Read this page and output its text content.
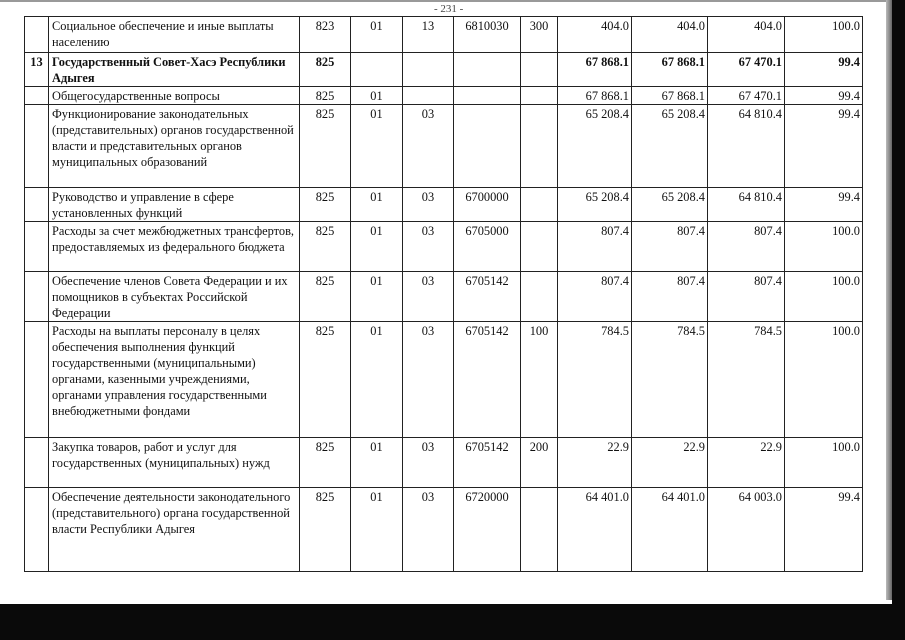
- 231 -
	Социальное обеспечение и иные выплаты населению	823	01	13	6810030	300	404.0	404.0	404.0	100.0
13	Государственный Совет-Хасэ Республики Адыгея	825					67 868.1	67 868.1	67 470.1	99.4
	Общегосударственные вопросы	825	01				67 868.1	67 868.1	67 470.1	99.4
	Функционирование законодательных (представительных) органов государственной власти и представительных органов муниципальных образований	825	01	03			65 208.4	65 208.4	64 810.4	99.4
	Руководство и управление в сфере установленных функций	825	01	03	6700000		65 208.4	65 208.4	64 810.4	99.4
	Расходы за счет межбюджетных трансфертов, предоставляемых из федерального бюджета	825	01	03	6705000		807.4	807.4	807.4	100.0
	Обеспечение членов Совета Федерации и их помощников в субъектах Российской Федерации	825	01	03	6705142		807.4	807.4	807.4	100.0
	Расходы на выплаты персоналу в целях обеспечения выполнения функций государственными (муниципальными) органами, казенными учреждениями, органами управления государственными внебюджетными фондами	825	01	03	6705142	100	784.5	784.5	784.5	100.0
	Закупка товаров, работ и услуг для государственных (муниципальных) нужд	825	01	03	6705142	200	22.9	22.9	22.9	100.0
	Обеспечение деятельности законодательного (представительного) органа государственной власти Республики Адыгея	825	01	03	6720000		64 401.0	64 401.0	64 003.0	99.4
